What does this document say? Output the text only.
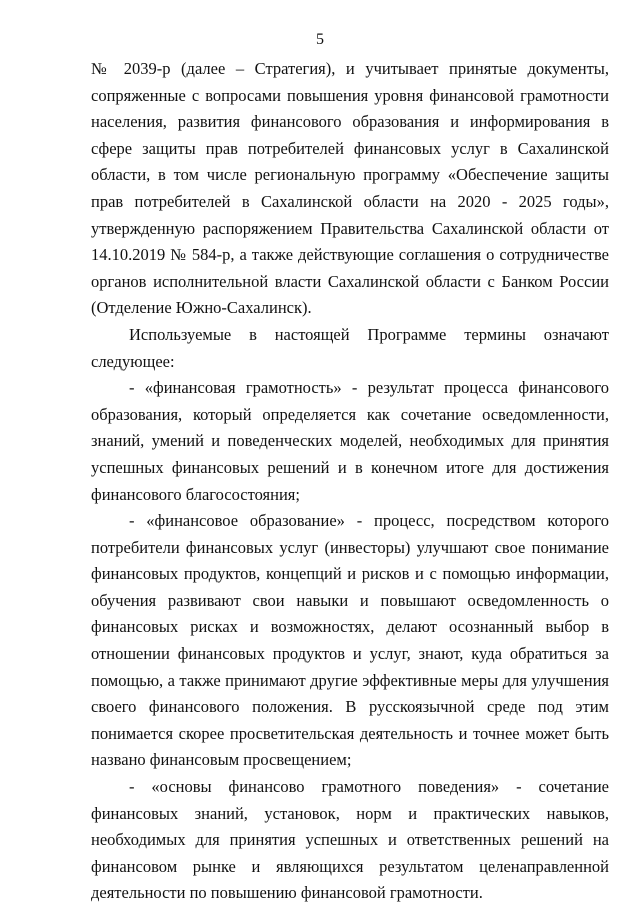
5

№ 2039-р (далее – Стратегия), и учитывает принятые документы, сопряженные с вопросами повышения уровня финансовой грамотности населения, развития финансового образования и информирования в сфере защиты прав потребителей финансовых услуг в Сахалинской области, в том числе региональную программу «Обеспечение защиты прав потребителей в Сахалинской области на 2020 - 2025 годы», утвержденную распоряжением Правительства Сахалинской области от 14.10.2019 № 584-р, а также действующие соглашения о сотрудничестве органов исполнительной власти Сахалинской области с Банком России (Отделение Южно-Сахалинск).

Используемые в настоящей Программе термины означают следующее:

- «финансовая грамотность» - результат процесса финансового образования, который определяется как сочетание осведомленности, знаний, умений и поведенческих моделей, необходимых для принятия успешных финансовых решений и в конечном итоге для достижения финансового благосостояния;

- «финансовое образование» - процесс, посредством которого потребители финансовых услуг (инвесторы) улучшают свое понимание финансовых продуктов, концепций и рисков и с помощью информации, обучения развивают свои навыки и повышают осведомленность о финансовых рисках и возможностях, делают осознанный выбор в отношении финансовых продуктов и услуг, знают, куда обратиться за помощью, а также принимают другие эффективные меры для улучшения своего финансового положения. В русскоязычной среде под этим понимается скорее просветительская деятельность и точнее может быть названо финансовым просвещением;

- «основы финансово грамотного поведения» - сочетание финансовых знаний, установок, норм и практических навыков, необходимых для принятия успешных и ответственных решений на финансовом рынке и являющихся результатом целенаправленной деятельности по повышению финансовой грамотности.
